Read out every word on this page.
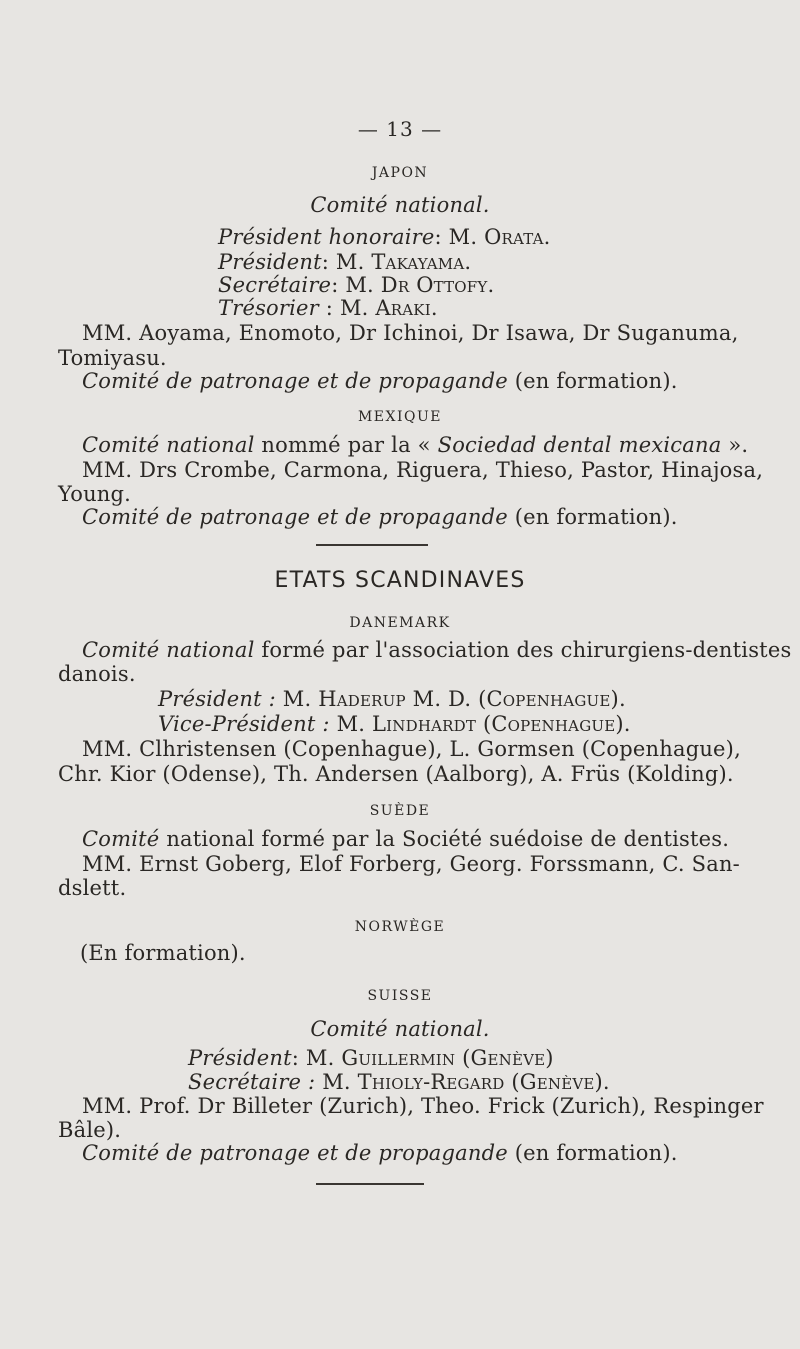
— 13 —
JAPON
Comité national.
Président honoraire: M. Orata.
Président: M. Takayama.
Secrétaire: M. Dr Ottofy.
Trésorier : M. Araki.
MM. Aoyama, Enomoto, Dr Ichinoi, Dr Isawa, Dr Suganuma,
Tomiyasu.
Comité de patronage et de propagande (en formation).
MEXIQUE
Comité national nommé par la « Sociedad dental mexicana ».
MM. Drs Crombe, Carmona, Riguera, Thieso, Pastor, Hinajosa,
Young.
Comité de patronage et de propagande (en formation).
ETATS SCANDINAVES
DANEMARK
Comité national formé par l'association des chirurgiens-dentistes
danois.
Président : M. Haderup M. D. (Copenhague).
Vice-Président : M. Lindhardt (Copenhague).
MM. Clhristensen (Copenhague), L. Gormsen (Copenhague),
Chr. Kior (Odense), Th. Andersen (Aalborg), A. Früs (Kolding).
SUÈDE
Comité national formé par la Société suédoise de dentistes.
MM. Ernst Goberg, Elof Forberg, Georg. Forssmann, C. San-
dslett.
NORWÈGE
(En formation).
SUISSE
Comité national.
Président: M. Guillermin (Genève)
Secrétaire : M. Thioly-Regard (Genève).
MM. Prof. Dr Billeter (Zurich), Theo. Frick (Zurich), Respinger
Bâle).
Comité de patronage et de propagande (en formation).
